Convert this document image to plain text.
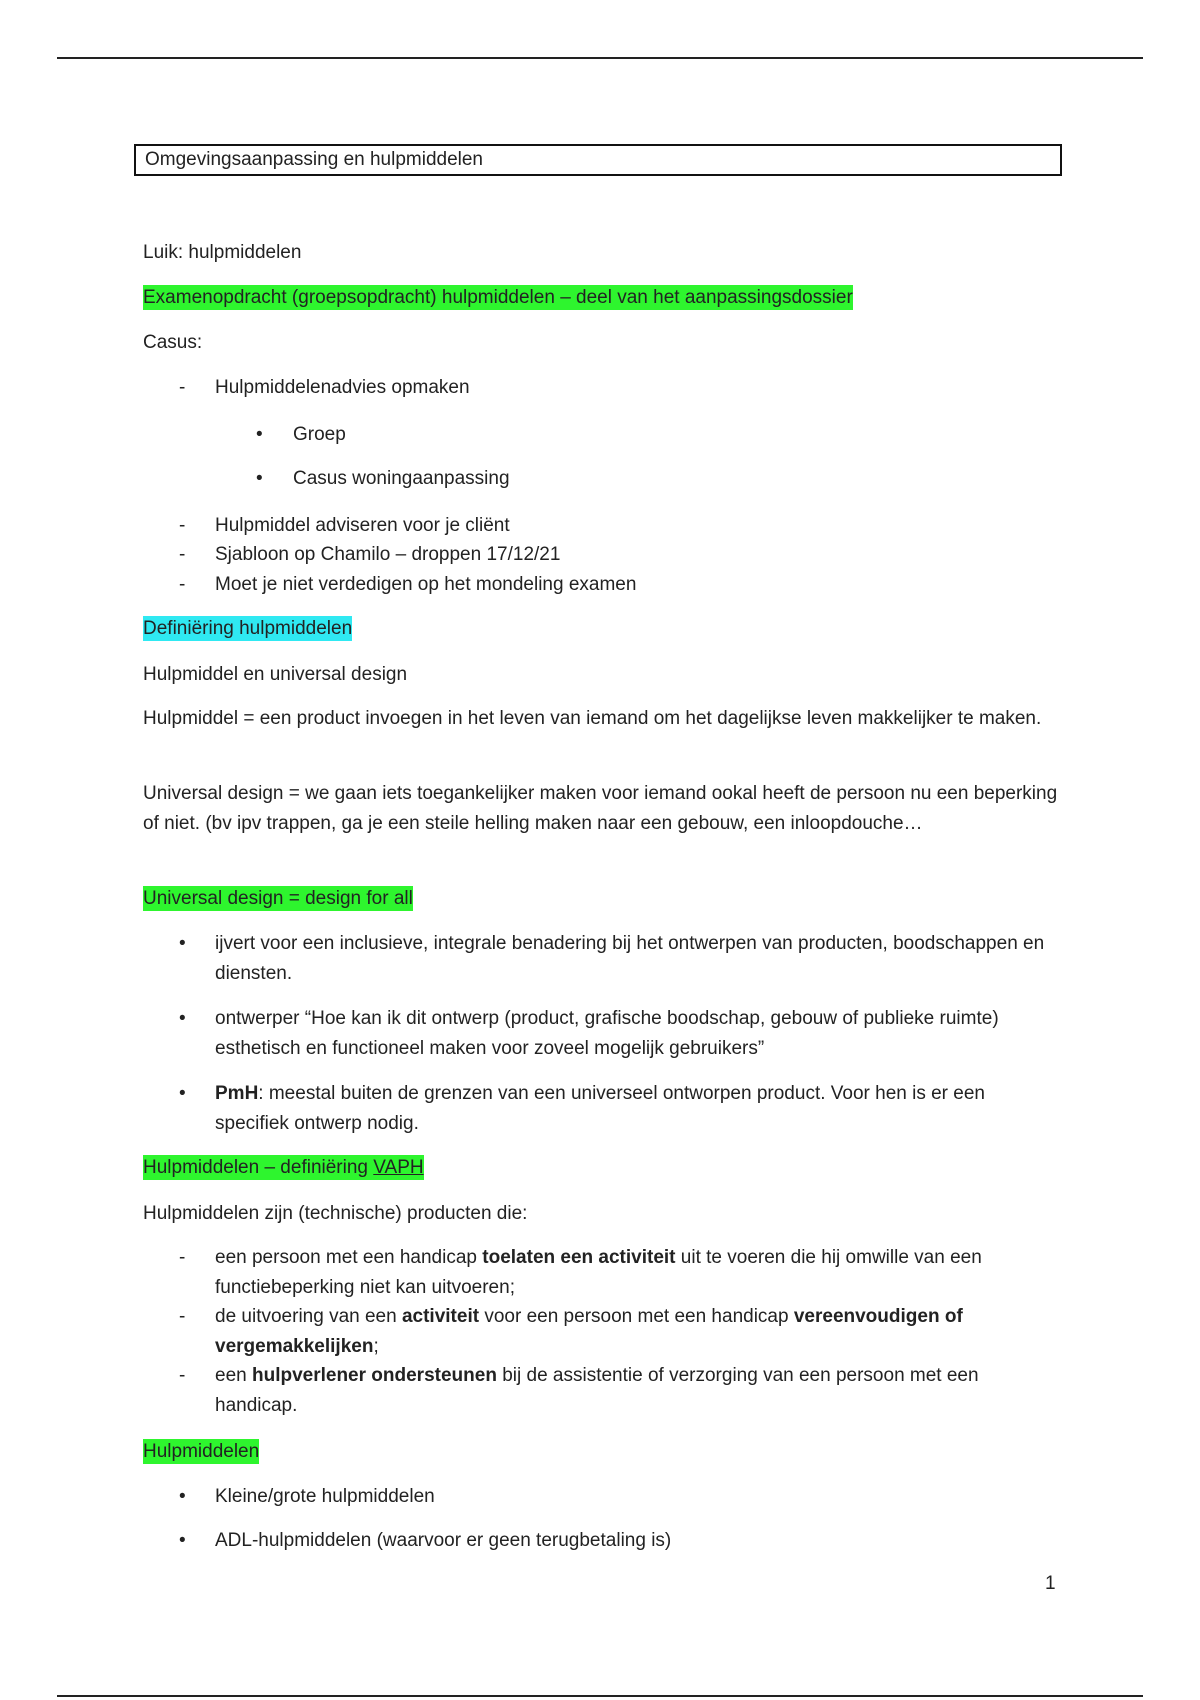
Omgevingsaanpassing en hulpmiddelen

Luik: hulpmiddelen

Examenopdracht (groepsopdracht) hulpmiddelen – deel van het aanpassingsdossier

Casus:

-	Hulpmiddelenadvies opmaken
•	Groep
•	Casus woningaanpassing
-	Hulpmiddel adviseren voor je cliënt
-	Sjabloon op Chamilo – droppen 17/12/21
-	Moet je niet verdedigen op het mondeling examen

Definiëring hulpmiddelen

Hulpmiddel en universal design

Hulpmiddel = een product invoegen in het leven van iemand om het dagelijkse leven makkelijker te maken.

Universal design = we gaan iets toegankelijker maken voor iemand ookal heeft de persoon nu een beperking of niet. (bv ipv trappen, ga je een steile helling maken naar een gebouw, een inloopdouche…

Universal design = design for all

•	ijvert voor een inclusieve, integrale benadering bij het ontwerpen van producten, boodschappen en diensten.
•	ontwerper “Hoe kan ik dit ontwerp (product, grafische boodschap, gebouw of publieke ruimte) esthetisch en functioneel maken voor zoveel mogelijk gebruikers”
•	PmH: meestal buiten de grenzen van een universeel ontworpen product. Voor hen is er een specifiek ontwerp nodig.

Hulpmiddelen – definiëring VAPH

Hulpmiddelen zijn (technische) producten die:

-	een persoon met een handicap toelaten een activiteit uit te voeren die hij omwille van een functiebeperking niet kan uitvoeren;
-	de uitvoering van een activiteit voor een persoon met een handicap vereenvoudigen of vergemakkelijken;
-	een hulpverlener ondersteunen bij de assistentie of verzorging van een persoon met een handicap.

Hulpmiddelen

•	Kleine/grote hulpmiddelen
•	ADL-hulpmiddelen (waarvoor er geen terugbetaling is)
1
